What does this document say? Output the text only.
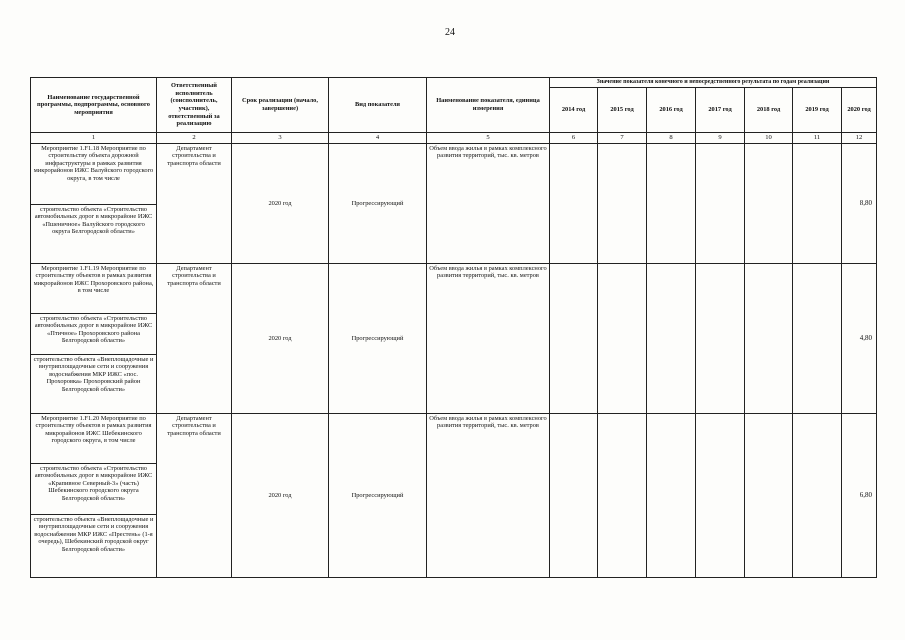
24
Наименование государственной программы, подпрограммы, основного мероприятия	Ответственный исполнитель (соисполнитель, участник), ответственный за реализацию	Срок реализации (начало, завершение)	Вид показателя	Наименование показателя, единица измерения	Значение показателя конечного и непосредственного результата по годам реализации						
					2014 год	2015 год	2016 год	2017 год	2018 год	2019 год	2020 год
1	2	3	4	5	6	7	8	9	10	11	12
Мероприятие 1.F1.18 Мероприятие по строительству объекта дорожной инфраструктуры в рамках развития микрорайонов ИЖС Валуйского городского округа, в том числе	Департамент строительства и транспорта области	2020 год	Прогрессирующий	Объем ввода жилья в рамках комплексного развития территорий, тыс. кв. метров							8,80
строительство объекта «Строительство автомобильных дорог в микрорайоне ИЖС «Пшеничное» Валуйского городского округа Белгородской области»											
Мероприятие 1.F1.19 Мероприятие по строительству объектов в рамках развития микрорайонов ИЖС Прохоровского района, в том числе	Департамент строительства и транспорта области	2020 год	Прогрессирующий	Объем ввода жилья в рамках комплексного развития территорий, тыс. кв. метров							4,80
строительство объекта «Строительство автомобильных дорог в микрорайоне ИЖС «Птичное» Прохоровского района Белгородской области»											
строительство объекта «Внеплощадочные и внутриплощадочные сети и сооружения водоснабжения МКР ИЖС «пос. Прохоровка» Прохоровский район Белгородской области»											
Мероприятие 1.F1.20 Мероприятие по строительству объектов в рамках развития микрорайонов ИЖС Шебекинского городского округа, в том числе	Департамент строительства и транспорта области	2020 год	Прогрессирующий	Объем ввода жилья в рамках комплексного развития территорий, тыс. кв. метров							6,80
строительство объекта «Строительство автомобильных дорог в микрорайоне ИЖС «Крапивное Северный-3» (часть) Шебекинского городского округа Белгородской области»											
строительство объекта «Внеплощадочные и внутриплощадочные сети и сооружения водоснабжения МКР ИЖС «Престень» (1-я очередь), Шебекинский городской округ Белгородской области»											
